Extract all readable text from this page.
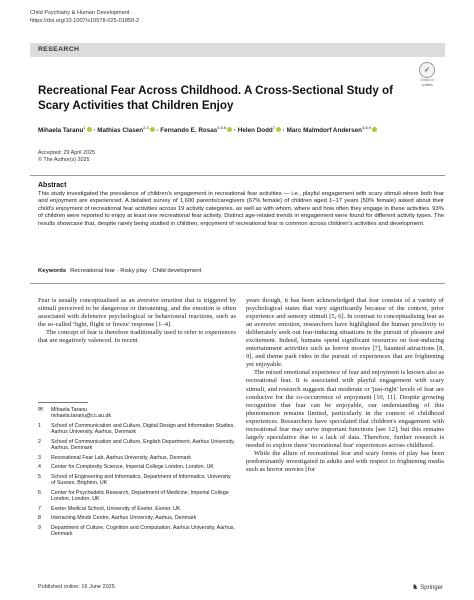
Child Psychiatry & Human Development
https://doi.org/10.1007/s10578-025-01850-2
RESEARCH
✓
Check for
updates
Recreational Fear Across Childhood. A Cross-Sectional Study of Scary Activities that Children Enjoy
Mihaela Taranu$^1$ · Mathias Clasen$^{2,3}$ · Fernando E. Rosas$^{4,5,6}$ · Helen Dodd$^7$ · Marc Malmdorf Andersen$^{3,8,9}$
Accepted: 29 April 2025
© The Author(s) 2025
Abstract
This study investigated the prevalence of children's engagement in recreational fear activities — i.e., playful engagement with scary stimuli where both fear and enjoyment are experienced. A detailed survey of 1,600 parents/caregivers (67% female) of children aged 1–17 years (50% female) asked about their child's enjoyment of recreational fear activities across 19 activity categories, as well as with whom, where and how often they engage in these activities. 93% of children were reported to enjoy at least one recreational fear activity. Distinct age-related trends in engagement were found for different activity types. The results showcase that, despite rarely being studied in children, enjoyment of recreational fear is common across children's activities and development.
Keywords Recreational fear · Risky play · Child development

Fear is usually conceptualised as an aversive emotion that is triggered by stimuli perceived to be dangerous or threatening, and the emotion is often associated with defensive psychological or behavioural reactions, such as the so-called 'fight, flight or freeze' response [1–4].

The concept of fear is therefore traditionally used to refer to experiences that are negatively valenced. In recent

years though, it has been acknowledged that fear consists of a variety of psychological states that vary significantly because of the context, prior experience and sensory stimuli [5, 6]. In contrast to conceptualising fear as an aversive emotion, researchers have highlighted the human proclivity to deliberately seek out fear-inducing situations in the pursuit of pleasure and excitement. Indeed, humans spend significant resources on fear-inducing entertainment activities such as horror movies [7], haunted attractions [8, 9], and theme park rides in the pursuit of experiences that are frightening yet enjoyable.

The mixed emotional experience of fear and enjoyment is known also as recreational fear. It is associated with playful engagement with scary stimuli, and research suggests that moderate or 'just-right' levels of fear are conducive for the co-occurrence of enjoyment [10, 11]. Despite growing recognition that fear can be enjoyable, our understanding of this phenomenon remains limited, particularly in the context of childhood experiences. Researchers have speculated that children's engagement with recreational fear may serve important functions [see 12], but this remains largely speculative due to a lack of data. Therefore, further research is needed to explore these 'recreational fear' experiences across childhood.

While the allure of recreational fear and scary forms of play has been predominantly investigated in adults and with respect to frightening media such as horror movies [for

✉	Mihaela Taranu
mihaela.taranu@cc.au.dk
1	School of Communication and Culture, Digital Design and Information Studies, Aarhus University, Aarhus, Denmark
2	School of Communication and Culture, English Department, Aarhus University, Aarhus, Denmark
3	Recreational Fear Lab, Aarhus University, Aarhus, Denmark
4	Center for Complexity Science, Imperial College London, London, UK
5	School of Engineering and Informatics, Department of Informatics, University of Sussex, Brighton, UK
6	Center for Psychedelic Research, Department of Medicine, Imperial College London, London, UK
7	Exeter Medical School, University of Exeter, Exeter, UK
8	Interacting Minds Centre, Aarhus University, Aarhus, Denmark
9	Department of Culture, Cognition and Computation, Aarhus University, Aarhus, Denmark
Published online: 16 June 2025	♞ Springer
